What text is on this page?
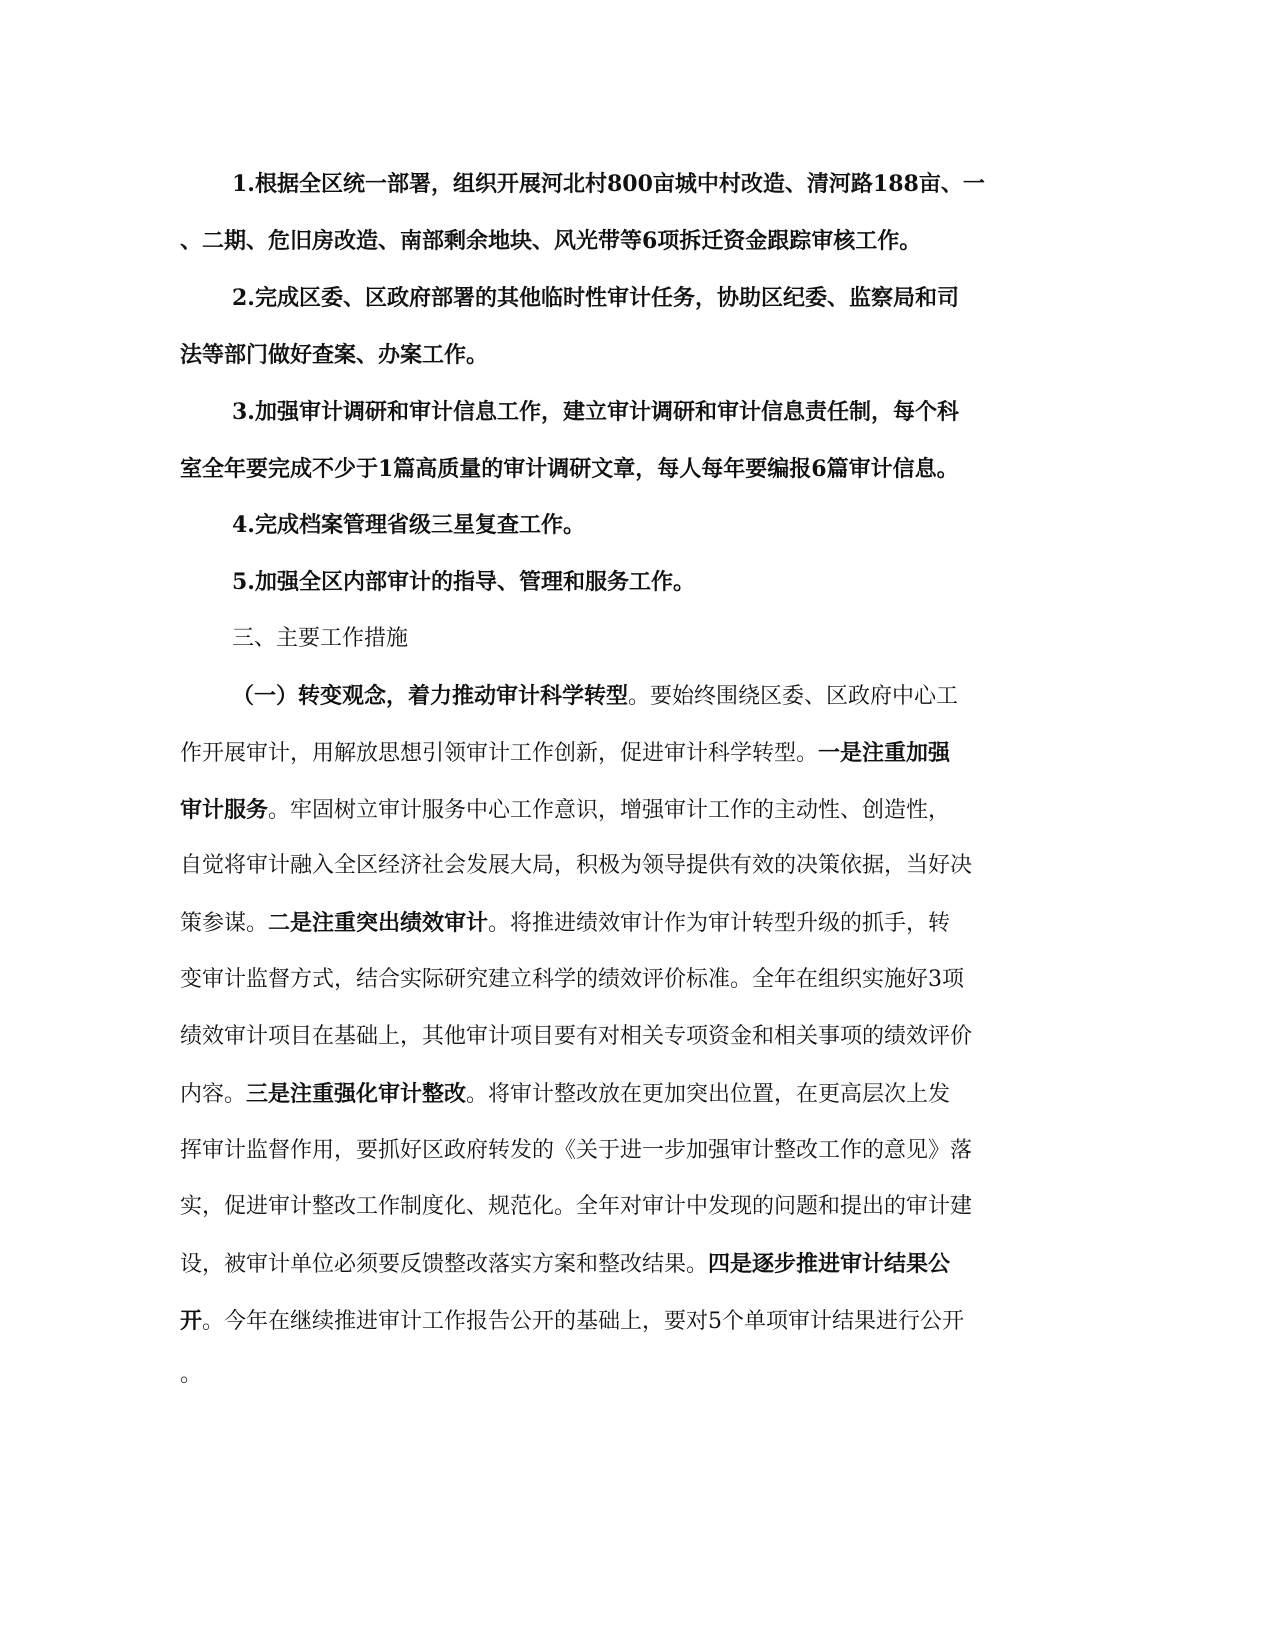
1.根据全区统一部署，组织开展河北村800亩城中村改造、清河路188亩、一
、二期、危旧房改造、南部剩余地块、风光带等6项拆迁资金跟踪审核工作。
2.完成区委、区政府部署的其他临时性审计任务，协助区纪委、监察局和司
法等部门做好查案、办案工作。
3.加强审计调研和审计信息工作，建立审计调研和审计信息责任制，每个科
室全年要完成不少于1篇高质量的审计调研文章，每人每年要编报6篇审计信息。
4.完成档案管理省级三星复查工作。
5.加强全区内部审计的指导、管理和服务工作。
三、主要工作措施
（一）转变观念，着力推动审计科学转型。要始终围绕区委、区政府中心工
作开展审计，用解放思想引领审计工作创新，促进审计科学转型。一是注重加强
审计服务。牢固树立审计服务中心工作意识，增强审计工作的主动性、创造性，
自觉将审计融入全区经济社会发展大局，积极为领导提供有效的决策依据，当好决
策参谋。二是注重突出绩效审计。将推进绩效审计作为审计转型升级的抓手，转
变审计监督方式，结合实际研究建立科学的绩效评价标准。全年在组织实施好3项
绩效审计项目在基础上，其他审计项目要有对相关专项资金和相关事项的绩效评价
内容。三是注重强化审计整改。将审计整改放在更加突出位置，在更高层次上发
挥审计监督作用，要抓好区政府转发的《关于进一步加强审计整改工作的意见》落
实，促进审计整改工作制度化、规范化。全年对审计中发现的问题和提出的审计建
设，被审计单位必须要反馈整改落实方案和整改结果。四是逐步推进审计结果公
开。今年在继续推进审计工作报告公开的基础上，要对5个单项审计结果进行公开
。
